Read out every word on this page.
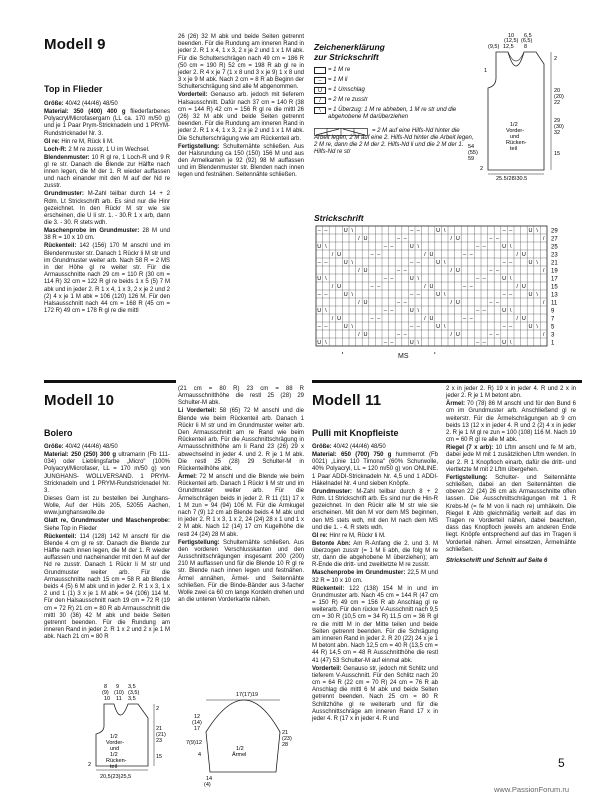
Modell 9
Top in Flieder

Größe: 40/42 (44/46) 48/50

Material: 350 (400) 400 g fliederfarbenes Polyacryl/Microfasergarn (LL ca. 170 m/50 g) und je 1 Paar Prym-Stricknadeln und 1 PRYM-Rundstricknadel Nr. 3.

Gl re: Hin re M, Rück li M.

Loch-R: 2 M re zusstr, 1 U im Wechsel.

Blendenmuster: 10 R gl re, 1 Loch-R und 9 R gl re str. Danach die Blende zur Hälfte nach innen legen, die M der 1. R wieder auffassen und nach einander mit den M auf der Nd re zusstr.

Grundmuster: M-Zahl teilbar durch 14 + 2 Rdm. Lt Strickschrift arb. Es sind nur die Hinr gezeichnet. In den Rückr M str wie sie erscheinen, die U li str. 1. - 30.R 1 x arb, dann die 3. - 30. R stets wdh.

Maschenprobe im Grundmuster: 28 M und 38 R = 10 x 10 cm.

Rückenteil: 142 (156) 170 M anschl und im Blendenmuster str. Danach 1 Rückr li M str und im Grundmuster weiter arb. Nach 58 R = 2 MS in der Höhe gl re weiter str. Für die Armausschnitte nach 29 cm = 110 R (30 cm = 114 R) 32 cm = 122 R gl re beids 1 x 5 (5) 7 M abk und in jeder 2. R 1 x 4, 1 x 3, 2 x je 2 und 2 (2) 4 x je 1 M abk = 106 (120) 126 M. Für den Halsausschnitt nach 44 cm = 168 R (45 cm = 172 R) 49 cm = 178 R gl re die mittl

26 (26) 32 M abk und beide Seiten getrennt beenden. Für die Rundung am inneren Rand in jeder 2. R 1 x 4, 1 x 3, 2 x je 2 und 1 x 1 M abk. Für die Schulterschrägen nach 49 cm = 186 R (50 cm = 190 R) 52 cm = 198 R ab gl re in jeder 2. R 4 x je 7 (1 x 8 und 3 x je 9) 1 x 8 und 3 x je 9 M abk. Nach 2 cm = 8 R ab Beginn der Schulterschrägung sind alle M abgenommen.

Vorderteil: Genauso arb. jedoch mit tieferem Halsausschnitt. Dafür nach 37 cm = 140 R (38 cm = 144 R) 42 cm = 156 R gl re die mittl 26 (26) 32 M abk und beide Seiten getrennt beenden. Für die Rundung am inneren Rand in jeder 2. R 1 x 4, 1 x 3, 2 x je 2 und 1 x 1 M abk. Die Schulterschrägung wie am Rückenteil arb.

Fertigstellung: Schulternähte schließen. Aus der Halsrundung ca 150 (150) 156 M und aus den Armelkanten je 92 (92) 98 M auffassen und im Blendenmuster str. Blenden nach innen legen und festnähen. Seitennähte schließen.

Zeichenerklärung
zur Strickschrift
= 1 M re
–	= 1 M li
U	= 1 Umschlag
/	= 2 M re zusstr
\	= 1 Überzug: 1 M re abheben, 1 M re str und die abgehobene M darüberziehen
= 2 M auf eine Hilfs-Nd hinter die Arbeit legen, 2 M auf eine 2. Hilfs-Nd hinter die Arbeit legen, 2 M re, dann die 2 M der 2. Hilfs-Nd li und die 2 M der 1. Hilfs-Nd re str
10 6,5
(12,5) (6,5)
(9,5) 12,5 8
1
2
20
(20)
22
29
(30)
32
15
54
(55)
59
1/2
Vorder-
und
Rücken-
teil
2
25,5(28)30,5
Strickschrift
– –	U \	– –	U \	– –	U \
/ U	– –	/ U	– –	/
U \	– –	U \	– –	U \
/ U	– –	/ U	– –	/ U
– –	U \	– –	U \	– –	U \
/ U	– –	/ U	– –	/
U \	– –	U \	– –	U \
/ U	– –	/ U	– –	/ U
– –	U \	– –	U \	– –	U \
/ U	– –	/ U	– –	/
U \	– –	U \	– –	U \
/ U	– –	/ U	– –	/ U
– –	U \	– –	U \	– –	U \
/ U	– –	/ U	– –	/
U \	– –	U \	– –	U \
29
27
25
23
21
19
17
15
13
11
9
7
5
3
1
MS
Modell 10
Bolero

Größe: 40/42 (44/46) 48/50

Material: 250 (250) 300 g ultramarin (Fb 111-034) oder Lieblingsfarbe „Micro" (100% Polyacryl/Microfaser, LL = 170 m/50 g) von JUNGHANS- WOLLVERSAND. 1 PRYM-Stricknadeln und 1 PRYM-Rundstricknadel Nr. 3.

Dieses Garn ist zu bestellen bei Junghans-Wolle, Auf der Hüls 205, 52055 Aachen, www.junghanswolle.de

Glatt re, Grundmuster und Maschenprobe: Siehe Top in Flieder

Rückenteil: 114 (128) 142 M anschl für die Blende 4 cm gl re str. Danach die Blende zur Hälfte nach innen legen, die M der 1. R wieder auffassen und nacheinander mit den M auf der Nd re zusstr. Danach 1 Rückr li M str und Grundmuster weiter arb. Für die Armausschnitte nach 15 cm = 58 R ab Blende beids 4 (5) 6 M abk und in jeder 2. R 1 x 3, 1 x 2 und 1 (1) 3 x je 1 M abk = 94 (106) 114 M. Für den Halsausschnitt nach 19 cm = 72 R (19 cm = 72 R) 21 cm = 80 R ab Armausschnitt die mittl 30 (36) 42 M abk und beide Seiten getrennt beenden. Für die Rundung am inneren Rand in jeder 2. R 1 x 2 und 2 x je 1 M abk. Nach 21 cm = 80 R

(21 cm = 80 R) 23 cm = 88 R Armausschnitthöhe die restl 25 (28) 29 Schulter-M abk.

Li Vorderteil: 58 (65) 72 M anschl und die Blende wie beim Rückenteil arb. Danach 1 Rückr li M str und im Grundmuster weiter arb. Den Armausschnitt am re Rand wie beim Rückenteil arb. Für die Ausschnittschrägung in Armausschnitthöhe am li Rand 23 (26) 29 x abwechselnd in jeder 4. und 2. R je 1 M abk. Die restl 25 (28) 29 Schulter-M in Rückenteilhöhe abk.

Ärmel: 72 M anschl und die Blende wie beim Rückenteil arb. Danach 1 Rückr li M str und im Grundmuster weiter arb. Für die Ärmelschrägen beids in jeder 2. R 11 (11) 17 x 1 M zun = 94 (94) 106 M. Für die Armkugel nach 7 (9) 12 cm ab Blende beids 4 M abk und in jeder 2. R 1 x 3, 1 x 2, 24 (24) 28 x 1 und 1 x 2 M abk. Nach 12 (14) 17 cm Kugelhöhe die restl 24 (24) 28 M abk.

Fertigstellung: Schulternähte schließen. Aus den vorderen Verschlusskanten und den Ausschnittschrägungen insgesamt 200 (200) 210 M auffassen und für die Blende 10 R gl re str. Blende nach innen legen und festnähen. Ärmel annähen, Ärmel- und Seitennähte schließen. Für die Binde-Bänder aus 3-facher Wolle zwei ca 60 cm lange Kordeln drehen und an die unteren Vorderkante nähen.

8 9 3,5
(9) (10) (3,5)
10 11 3,5
2
21
(21)
23
15
1/2
Vorder-
und
1/2
Rücken-
teil
2
20,5(23)25,5
17(17)19
12
(14)
17
7(9)12
4
1/2
Ärmel
21
(23)
28
14
(4)
Modell 11
Pulli mit Knopfleiste

Größe: 40/42 (44/46) 48/50

Material: 650 (700) 750 g hummerrot (Fb 0021) „Linie 110 Timona" (60% Schurwolle, 40% Polyacryl, LL = 120 m/50 g) von ONLINE. 1 Paar ADDI-Stricknadeln Nr. 4,5 und 1 ADDI-Häkelnadel Nr. 4 und sieben Knöpfe.

Grundmuster: M-Zahl teilbar durch 8 + 2 Rdm. Lt Strickschrift arb. Es sind nur die Hin-R gezeichnet. In den Rückr alle M str wie sie erscheinen. Mit den M vor dem MS beginnen, den MS stets wdh, mit den M nach dem MS und die 1. - 4. R stets wdh.

Gl re: Hinr re M, Rückr li M.

Betonte Abn: Am R-Anfang die 2. und 3. M überzogen zusstr (= 1 M li abh, die folg M re str, dann die abgehobene M überziehen); am R-Ende die dritt- und zweitletzte M re zusstr.

Maschenprobe im Grundmuster: 22,5 M und 32 R = 10 x 10 cm.

Rückenteil: 122 (138) 154 M in und im Grundmuster arb. Nach 45 cm = 144 R (47 cm = 150 R) 49 cm = 156 R ab Anschlag gl re weiterarb. Für den rückw V-Ausschnitt nach 9,5 cm = 30 R (10,5 cm = 34 R) 11,5 cm = 36 R gl re die mittl M in der Mitte teilen und beide Seiten getrennt beenden. Für die Schrägung am inneren Rand in jeder 2. R 20 (22) 24 x je 1 M betont abn. Nach 12,5 cm = 40 R (13,5 cm = 44 R) 14,5 cm = 48 R Ausschnitthöhe die restl 41 (47) 53 Schulter-M auf einmal abk.

Vorderteil: Genauso str, jedoch mit Schlitz und tieferem V-Ausschnitt. Für den Schlitz nach 20 cm = 64 R (22 cm = 70 R) 24 cm = 76 R ab Anschlag die mittl 6 M abk und beide Seiten getrennt beenden. Nach 25 cm = 80 R Schlitzhöhe gl re weiterarb und für die Ausschnittschräge am inneren Rand 17 x in jeder 4. R (17 x in jeder 4. R und

2 x in jeder 2. R) 19 x in jeder 4. R und 2 x in jeder 2. R je 1 M betont abn.

Ärmel: 70 (78) 86 M anschl und für den Bund 6 cm im Grundmuster arb. Anschließend gl re weiterstr. Für die Ärmelschrägungen ab 9 cm beids 13 (12 x in jeder 4. R und 2 (2) 4 x in jeder 2. R je 1 M gl re zun = 100 (108) 116 M. Nach 19 cm = 60 R gl re alle M abk.

Riegel (7 x arb): 10 Lftm anschl und fe M arb, dabei jede M mit 1 zusätzlichen Lftm wenden. In der 2. R 1 Knopfloch einarb, dafür die dritt- und viertletzte M mit 2 Lftm übergehen.

Fertigstellung: Schulter- und Seitennähte schließen, dabei an den Seitennähten die oberen 22 (24) 26 cm als Armausschnitte offen lassen. Die Ausschnittschrägungen mit 1 R Krebs-M (= fe M von li nach re) umhäkeln. Die Riegel lt Abb gleichmäßig verteilt auf das im Tragen re Vorderteil nähen, dabei beachten, dass das Knopfloch jeweils am anderen Ende liegt. Knöpfe entsprechend auf das im Tragen li Vorderteil nähen. Ärmel einsetzen, Ärmelnähte schließen.

Strickschrift und Schnitt auf Seite 6

5
www.PassionForum.ru
